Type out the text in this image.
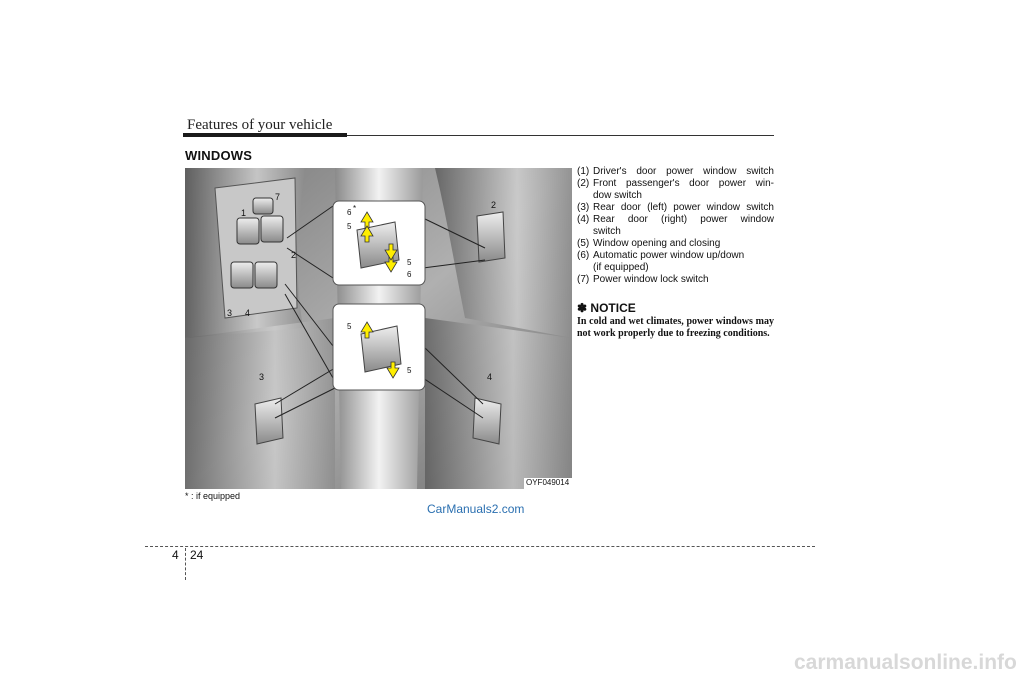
Features of your vehicle
WINDOWS
1
7
2
3 4
2
3	4
6 *
5
5
6
5
5
OYF049014
* : if equipped
CarManuals2.com
(1) Driver's door power window switch
(2) Front passenger's door power win-
dow switch
(3) Rear door (left) power window switch
(4) Rear door (right) power window
switch
(5) Window opening and closing
(6) Automatic power window up/down
(if equipped)
(7) Power window lock switch
✽ NOTICE
In cold and wet climates, power windows may not work properly due to freezing conditions.
4 24
carmanualsonline.info
